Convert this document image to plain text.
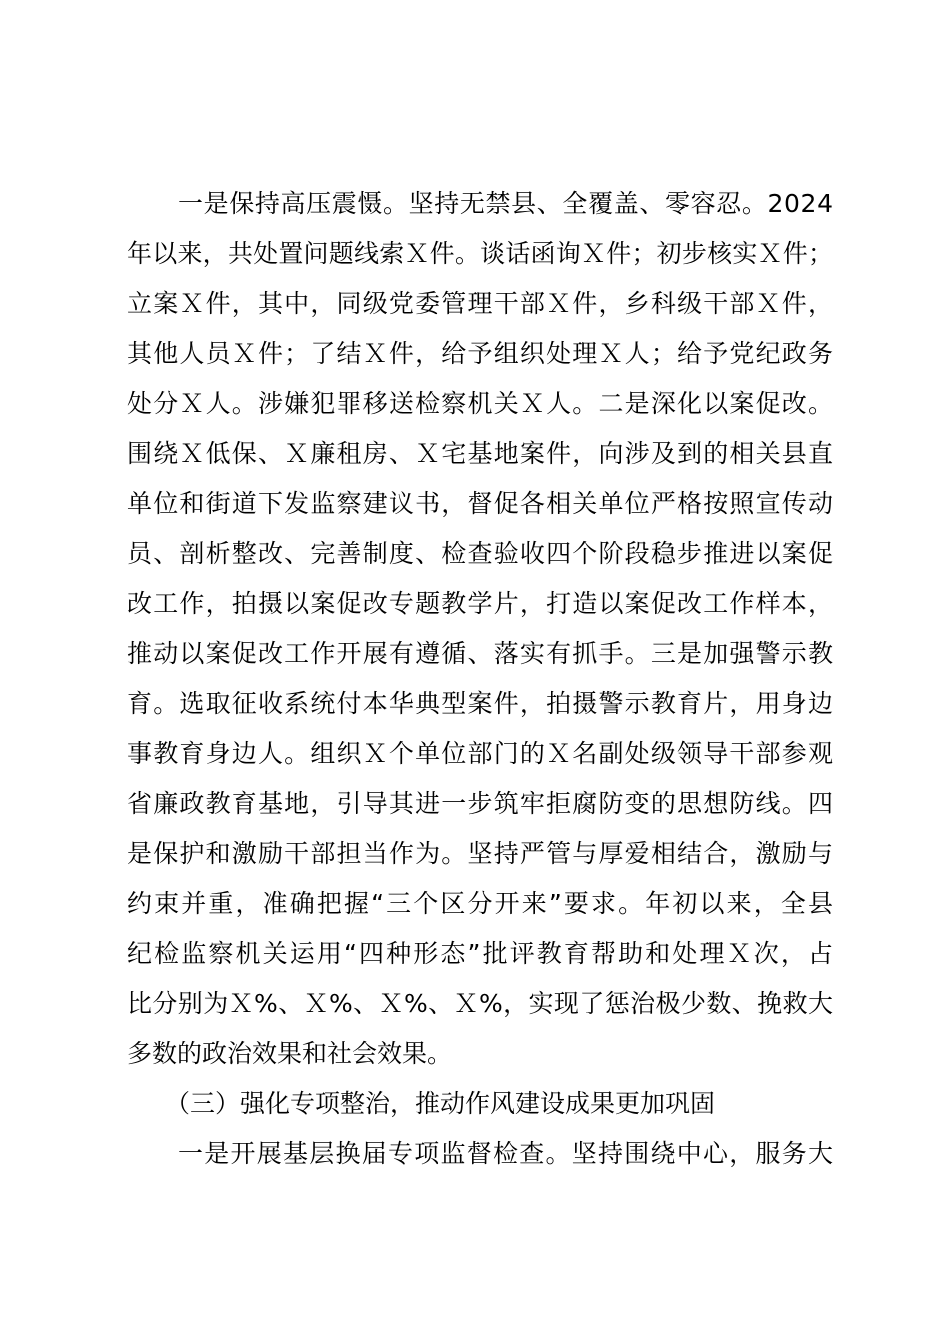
一是保持高压震慑。坚持无禁县、全覆盖、零容忍。2024
年以来，共处置问题线索Ｘ件。谈话函询Ｘ件；初步核实Ｘ件；
立案Ｘ件，其中，同级党委管理干部Ｘ件，乡科级干部Ｘ件，
其他人员Ｘ件；了结Ｘ件，给予组织处理Ｘ人；给予党纪政务
处分Ｘ人。涉嫌犯罪移送检察机关Ｘ人。二是深化以案促改。
围绕Ｘ低保、Ｘ廉租房、Ｘ宅基地案件，向涉及到的相关县直
单位和街道下发监察建议书，督促各相关单位严格按照宣传动
员、剖析整改、完善制度、检查验收四个阶段稳步推进以案促
改工作，拍摄以案促改专题教学片，打造以案促改工作样本，
推动以案促改工作开展有遵循、落实有抓手。三是加强警示教
育。选取征收系统付本华典型案件，拍摄警示教育片，用身边
事教育身边人。组织Ｘ个单位部门的Ｘ名副处级领导干部参观
省廉政教育基地，引导其进一步筑牢拒腐防变的思想防线。四
是保护和激励干部担当作为。坚持严管与厚爱相结合，激励与
约束并重，准确把握“三个区分开来”要求。年初以来，全县
纪检监察机关运用“四种形态”批评教育帮助和处理Ｘ次，占
比分别为Ｘ%、Ｘ%、Ｘ%、Ｘ%，实现了惩治极少数、挽救大
多数的政治效果和社会效果。
（三）强化专项整治，推动作风建设成果更加巩固
一是开展基层换届专项监督检查。坚持围绕中心，服务大
